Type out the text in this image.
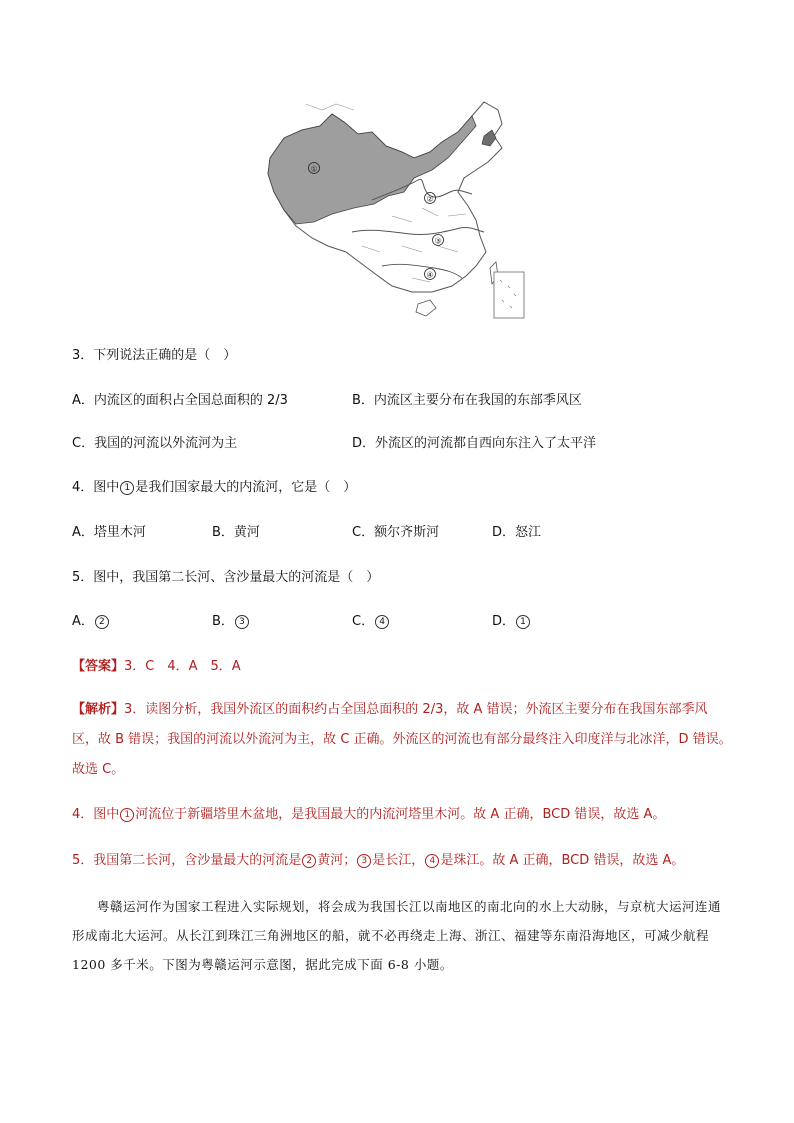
①
②
③
④
3．下列说法正确的是（　）
A．内流区的面积占全国总面积的 2/3	B．内流区主要分布在我国的东部季风区
C．我国的河流以外流河为主	D．外流区的河流都自西向东注入了太平洋
4．图中 1 是我们国家最大的内流河，它是（　）
A．塔里木河	B．黄河	C．额尔齐斯河	D．怒江
5．图中，我国第二长河、含沙量最大的河流是（　）
A． 2	B． 3	C． 4	D． 1
【答案】3．C　4．A　5．A
【解析】3．读图分析，我国外流区的面积约占全国总面积的 2/3，故 A 错误；外流区主要分布在我国东部季风区，故 B 错误；我国的河流以外流河为主，故 C 正确。外流区的河流也有部分最终注入印度洋与北冰洋，D 错误。故选 C。
4．图中 1 河流位于新疆塔里木盆地，是我国最大的内流河塔里木河。故 A 正确，BCD 错误，故选 A。
5．我国第二长河，含沙量最大的河流是 2 黄河； 3 是长江， 4 是珠江。故 A 正确，BCD 错误，故选 A。
粤赣运河作为国家工程进入实际规划，将会成为我国长江以南地区的南北向的水上大动脉，与京杭大运河连通形成南北大运河。从长江到珠江三角洲地区的船，就不必再绕走上海、浙江、福建等东南沿海地区，可减少航程 1200 多千米。下图为粤赣运河示意图，据此完成下面 6-8 小题。
